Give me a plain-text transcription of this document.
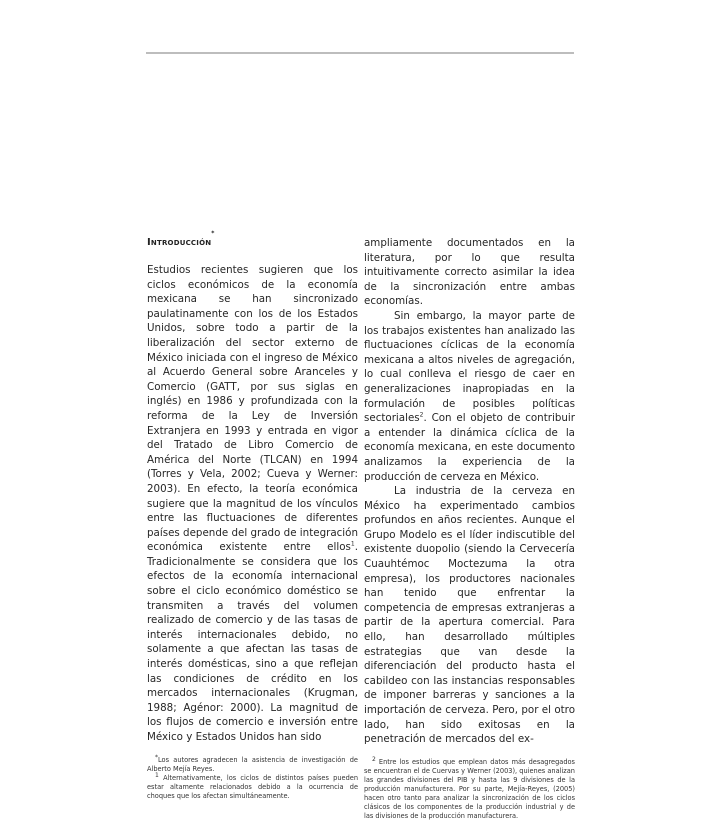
Introducción*

Estudios recientes sugieren que los ciclos económicos de la economía mexicana se han sincronizado paulatinamente con los de los Estados Unidos, sobre todo a partir de la liberalización del sector externo de México iniciada con el ingreso de México al Acuerdo General sobre Aranceles y Comercio (GATT, por sus siglas en inglés) en 1986 y profundizada con la reforma de la Ley de Inversión Extranjera en 1993 y entrada en vigor del Tratado de Libro Comercio de América del Norte (TLCAN) en 1994 (Torres y Vela, 2002; Cueva y Werner: 2003). En efecto, la teoría económica sugiere que la magnitud de los vínculos entre las fluctuaciones de diferentes países depende del grado de integración económica existente entre ellos$^1$. Tradicionalmente se considera que los efectos de la economía internacional sobre el ciclo económico doméstico se transmiten a través del volumen realizado de comercio y de las tasas de interés internacionales debido, no solamente a que afectan las tasas de interés domésticas, sino a que reflejan las condiciones de crédito en los mercados internacionales (Krugman, 1988; Agénor: 2000). La magnitud de los flujos de comercio e inversión entre México y Estados Unidos han sido

*Los autores agradecen la asistencia de investigación de Alberto Mejía Reyes.

$^1$ Alternativamente, los ciclos de distintos países pueden estar altamente relacionados debido a la ocurrencia de choques que los afectan simultáneamente.

ampliamente documentados en la literatura, por lo que resulta intuitivamente correcto asimilar la idea de la sincronización entre ambas economías.

Sin embargo, la mayor parte de los trabajos existentes han analizado las fluctuaciones cíclicas de la economía mexicana a altos niveles de agregación, lo cual conlleva el riesgo de caer en generalizaciones inapropiadas en la formulación de posibles políticas sectoriales$^2$. Con el objeto de contribuir a entender la dinámica cíclica de la economía mexicana, en este documento analizamos la experiencia de la producción de cerveza en México.

La industria de la cerveza en México ha experimentado cambios profundos en años recientes. Aunque el Grupo Modelo es el líder indiscutible del existente duopolio (siendo la Cervecería Cuauhtémoc Moctezuma la otra empresa), los productores nacionales han tenido que enfrentar la competencia de empresas extranjeras a partir de la apertura comercial. Para ello, han desarrollado múltiples estrategias que van desde la diferenciación del producto hasta el cabildeo con las instancias responsables de imponer barreras y sanciones a la importación de cerveza. Pero, por el otro lado, han sido exitosas en la penetración de mercados del ex-

$^2$ Entre los estudios que emplean datos más desagregados se encuentran el de Cuervas y Werner (2003), quienes analizan las grandes divisiones del PIB y hasta las 9 divisiones de la producción manufacturera. Por su parte, Mejía-Reyes, (2005) hacen otro tanto para analizar la sincronización de los ciclos clásicos de los componentes de la producción industrial y de las divisiones de la producción manufacturera.
